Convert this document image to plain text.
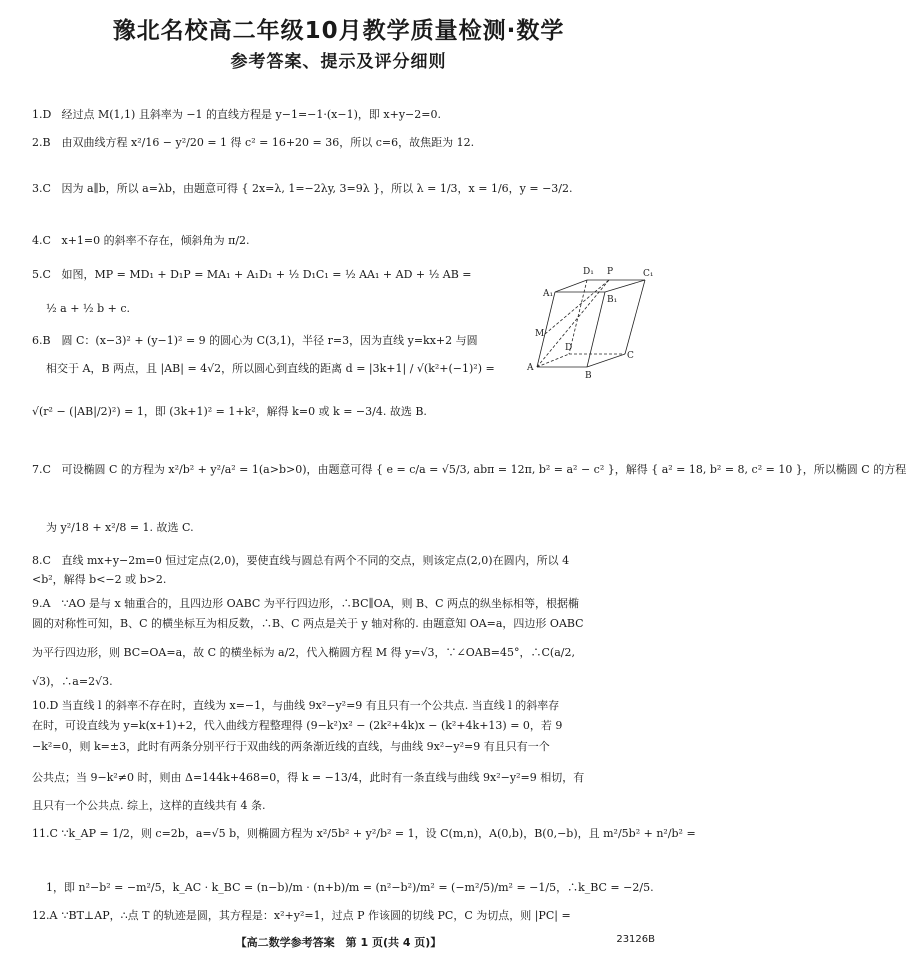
豫北名校高二年级10月教学质量检测·数学
参考答案、提示及评分细则
1.D 经过点 M(1,1) 且斜率为 −1 的直线方程是 y−1=−1·(x−1)，即 x+y−2=0.
2.B 由双曲线方程 x²/16 − y²/20 = 1 得 c² = 16+20 = 36，所以 c=6，故焦距为 12.
3.C 因为 a∥b，所以 a=λb，由题意可得 { 2x=λ, 1=−2λy, 3=9λ }，所以 λ = 1/3，x = 1/6，y = −3/2.
4.C x+1=0 的斜率不存在，倾斜角为 π/2.
5.C 如图，MP = MD₁ + D₁P = MA₁ + A₁D₁ + ½ D₁C₁ = ½ AA₁ + AD + ½ AB =
½ a + ½ b + c.
D₁ P	C₁
A₁
B₁
M
D
C
A
B
6.B 圆 C：(x−3)² + (y−1)² = 9 的圆心为 C(3,1)，半径 r=3，因为直线 y=kx+2 与圆
相交于 A，B 两点，且 |AB| = 4√2，所以圆心到直线的距离 d = |3k+1| / √(k²+(−1)²) =
√(r² − (|AB|/2)²) = 1，即 (3k+1)² = 1+k²，解得 k=0 或 k = −3/4. 故选 B.
7.C 可设椭圆 C 的方程为 x²/b² + y²/a² = 1(a>b>0)，由题意可得 { e = c/a = √5/3, abπ = 12π, b² = a² − c² }，解得 { a² = 18, b² = 8, c² = 10 }，所以椭圆 C 的方程
为 y²/18 + x²/8 = 1. 故选 C.
8.C 直线 mx+y−2m=0 恒过定点(2,0)，要使直线与圆总有两个不同的交点，则该定点(2,0)在圆内，所以 4
<b²，解得 b<−2 或 b>2.
9.A ∵AO 是与 x 轴重合的，且四边形 OABC 为平行四边形，∴BC∥OA，则 B、C 两点的纵坐标相等，根据椭
圆的对称性可知，B、C 的横坐标互为相反数，∴B、C 两点是关于 y 轴对称的. 由题意知 OA=a，四边形 OABC
为平行四边形，则 BC=OA=a，故 C 的横坐标为 a/2，代入椭圆方程 M 得 y=√3，∵∠OAB=45°，∴C(a/2,
√3)，∴a=2√3.
10.D 当直线 l 的斜率不存在时，直线为 x=−1，与曲线 9x²−y²=9 有且只有一个公共点. 当直线 l 的斜率存
在时，可设直线为 y=k(x+1)+2，代入曲线方程整理得 (9−k²)x² − (2k²+4k)x − (k²+4k+13) = 0，若 9
−k²=0，则 k=±3，此时有两条分别平行于双曲线的两条渐近线的直线，与曲线 9x²−y²=9 有且只有一个
公共点；当 9−k²≠0 时，则由 Δ=144k+468=0，得 k = −13/4，此时有一条直线与曲线 9x²−y²=9 相切，有
且只有一个公共点. 综上，这样的直线共有 4 条.
11.C ∵k_AP = 1/2，则 c=2b，a=√5 b，则椭圆方程为 x²/5b² + y²/b² = 1，设 C(m,n)，A(0,b)，B(0,−b)，且 m²/5b² + n²/b² =
1，即 n²−b² = −m²/5，k_AC · k_BC = (n−b)/m · (n+b)/m = (n²−b²)/m² = (−m²/5)/m² = −1/5，∴k_BC = −2/5.
12.A ∵BT⊥AP，∴点 T 的轨迹是圆，其方程是：x²+y²=1，过点 P 作该圆的切线 PC，C 为切点，则 |PC| =
【高二数学参考答案　第 1 页(共 4 页)】	23126B
